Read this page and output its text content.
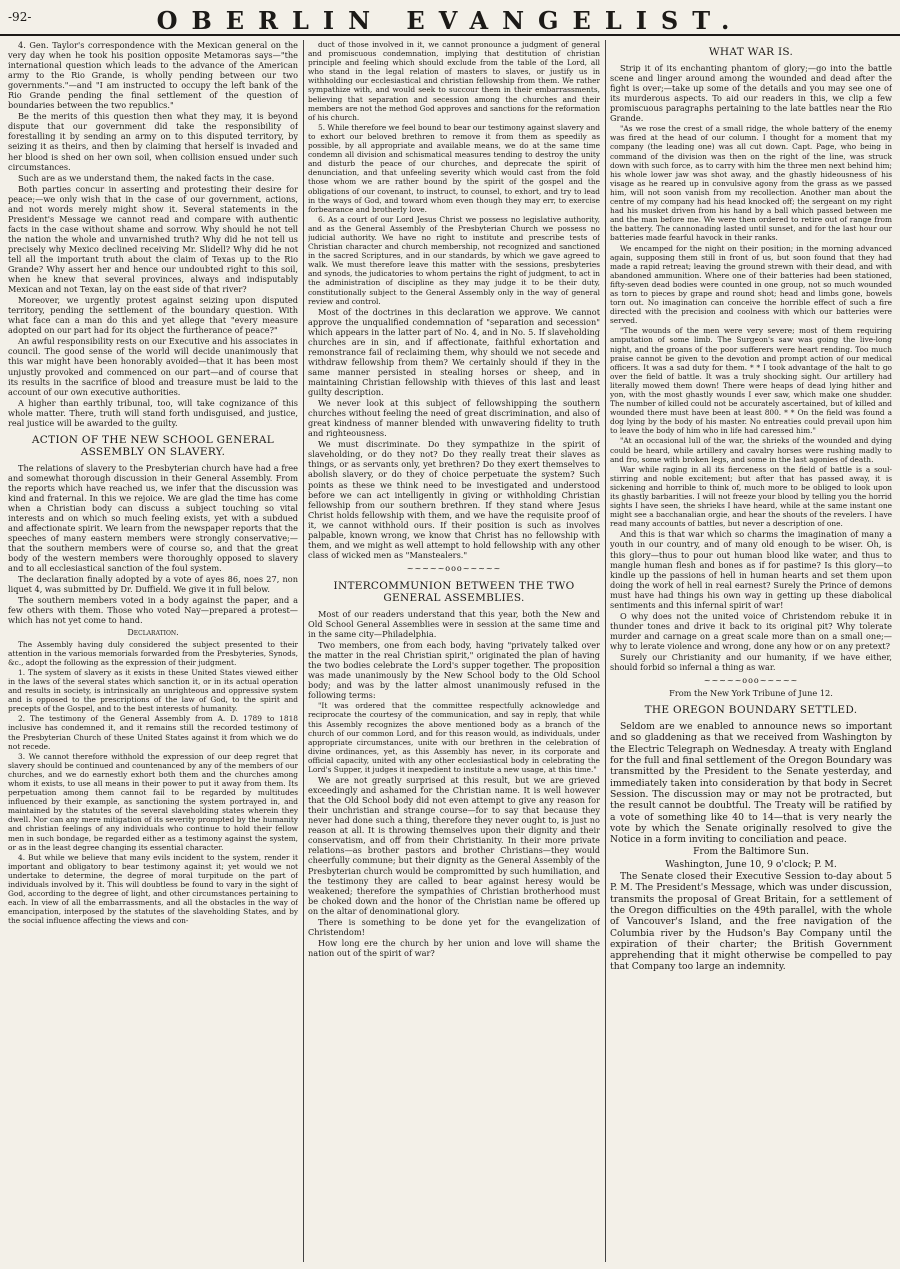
-92-	OBERLIN EVANGELIST.

4. Gen. Taylor's correspondence with the Mexican general on the very day when he took his position opposite Metamoras says—"the international question which leads to the advance of the American army to the Rio Grande, is wholly pending between our two governments."—and "I am instructed to occupy the left bank of the Rio Grande pending the final settlement of the question of boundaries between the two republics."

Be the merits of this question then what they may, it is beyond dispute that our government did take the responsibility of forestalling it by sending an army on to this disputed territory, by seizing it as theirs, and then by claiming that herself is invaded and her blood is shed on her own soil, when collision ensued under such circumstances.

Such are as we understand them, the naked facts in the case.

Both parties concur in asserting and protesting their desire for peace;—we only wish that in the case of our government, actions, and not words merely might show it. Several statements in the President's Message we cannot read and compare with authentic facts in the case without shame and sorrow. Why should he not tell the nation the whole and unvarnished truth? Why did he not tell us precisely why Mexico declined receiving Mr. Slidell? Why did he not tell all the important truth about the claim of Texas up to the Rio Grande? Why assert her and hence our undoubted right to this soil, when he knew that several provinces, always and indisputably Mexican and not Texan, lay on the east side of that river?

Moreover, we urgently protest against seizing upon disputed territory, pending the settlement of the boundary question. With what face can a man do this and yet allege that "every measure adopted on our part had for its object the furtherance of peace?"

An awful responsibility rests on our Executive and his associates in council. The good sense of the world will decide unanimously that this war might have been honorably avoided—that it has been most unjustly provoked and commenced on our part—and of course that its results in the sacrifice of blood and treasure must be laid to the account of our own executive authorities.

A higher than earthly tribunal, too, will take cognizance of this whole matter. There, truth will stand forth undisguised, and justice, real justice will be awarded to the guilty.

ACTION OF THE NEW SCHOOL GENERAL ASSEMBLY ON SLAVERY.

The relations of slavery to the Presbyterian church have had a free and somewhat thorough discussion in their General Assembly. From the reports which have reached us, we infer that the discussion was kind and fraternal. In this we rejoice. We are glad the time has come when a Christian body can discuss a subject touching so vital interests and on which so much feeling exists, yet with a subdued and affectionate spirit. We learn from the newspaper reports that the speeches of many eastern members were strongly conservative;—that the southern members were of course so, and that the great body of the western members were thoroughly opposed to slavery and to all ecclesiastical sanction of the foul system.

The declaration finally adopted by a vote of ayes 86, noes 27, non liquet 4, was submitted by Dr. Duffield. We give it in full below.

The southern members voted in a body against the paper, and a few others with them. Those who voted Nay—prepared a protest—which has not yet come to hand.

Declaration.

The Assembly having duly considered the subject presented to their attention in the various memorials forwarded from the Presbyteries, Synods, &c., adopt the following as the expression of their judgment.

1. The system of slavery as it exists in these United States viewed either in the laws of the several states which sanction it, or in its actual operation and results in society, is intrinsically an unrighteous and oppressive system and is opposed to the prescriptions of the law of God, to the spirit and precepts of the Gospel, and to the best interests of humanity.

2. The testimony of the General Assembly from A. D. 1789 to 1818 inclusive has condemned it, and it remains still the recorded testimony of the Presbyterian Church of these United States against it from which we do not recede.

3. We cannot therefore withhold the expression of our deep regret that slavery should be continued and countenanced by any of the members of our churches, and we do earnestly exhort both them and the churches among whom it exists, to use all means in their power to put it away from them. Its perpetuation among them cannot fail to be regarded by multitudes influenced by their example, as sanctioning the system portrayed in, and maintained by the statutes of the several slaveholding states wherein they dwell. Nor can any mere mitigation of its severity prompted by the humanity and christian feelings of any individuals who continue to hold their fellow men in such bondage, be regarded either as a testimony against the system, or as in the least degree changing its essential character.

4. But while we believe that many evils incident to the system, render it important and obligatory to bear testimony against it; yet would we not undertake to determine, the degree of moral turpitude on the part of individuals involved by it. This will doubtless be found to vary in the sight of God, according to the degree of light, and other circumstances pertaining to each. In view of all the embarrassments, and all the obstacles in the way of emancipation, interposed by the statutes of the slaveholding States, and by the social influence affecting the views and con-

duct of those involved in it, we cannot pronounce a judgment of general and promiscuous condemnation, implying that destitution of christian principle and feeling which should exclude from the table of the Lord, all who stand in the legal relation of masters to slaves, or justify us in withholding our ecclesiastical and christian fellowship from them. We rather sympathize with, and would seek to succour them in their embarrassments, believing that separation and secession among the churches and their members are not the method God approves and sanctions for the reformation of his church.

5. While therefore we feel bound to bear our testimony against slavery and to exhort our beloved brethren to remove it from them as speedily as possible, by all appropriate and available means, we do at the same time condemn all division and schismatical measures tending to destroy the unity and disturb the peace of our churches, and deprecate the spirit of denunciation, and that unfeeling severity which would cast from the fold those whom we are rather bound by the spirit of the gospel and the obligations of our covenant, to instruct, to counsel, to exhort, and try to lead in the ways of God, and toward whom even though they may err, to exercise forbearance and brotherly love.

6. As a court of our Lord Jesus Christ we possess no legislative authority, and as the General Assembly of the Presbyterian Church we possess no judicial authority. We have no right to institute and prescribe tests of Christian character and church membership, not recognized and sanctioned in the sacred Scriptures, and in our standards, by which we gave agreed to walk. We must therefore leave this matter with the sessions, presbyteries and synods, the judicatories to whom pertains the right of judgment, to act in the administration of discipline as they may judge it to be their duty, constitutionally subject to the General Assembly only in the way of general review and control.

Most of the doctrines in this declaration we approve. We cannot approve the unqualified condemnation of "separation and secession" which appears in the latter part of No. 4, and in No. 5. If slaveholding churches are in sin, and if affectionate, faithful exhortation and remonstrance fail of reclaiming them, why should we not secede and withdraw fellowship from them? We certainly should if they in the same manner persisted in stealing horses or sheep, and in maintaining Christian fellowship with thieves of this last and least guilty description.

We never look at this subject of fellowshipping the southern churches without feeling the need of great discrimination, and also of great kindness of manner blended with unwavering fidelity to truth and righteousness.

We must discriminate. Do they sympathize in the spirit of slaveholding, or do they not? Do they really treat their slaves as things, or as servants only, yet brethren? Do they exert themselves to abolish slavery, or do they of choice perpetuate the system? Such points as these we think need to be investigated and understood before we can act intelligently in giving or withholding Christian fellowship from our southern brethren. If they stand where Jesus Christ holds fellowship with them, and we have the requisite proof of it, we cannot withhold ours. If their position is such as involves palpable, known wrong, we know that Christ has no fellowship with them, and we might as well attempt to hold fellowship with any other class of wicked men as "Manstealers."

~~~~~ooo~~~~~
INTERCOMMUNION BETWEEN THE TWO GENERAL ASSEMBLIES.

Most of our readers understand that this year, both the New and Old School General Assemblies were in session at the same time and in the same city—Philadelphia.

Two members, one from each body, having "privately talked over the matter in the real Christian spirit," originated the plan of having the two bodies celebrate the Lord's supper together. The proposition was made unanimously by the New School body to the Old School body; and was by the latter almost unanimously refused in the following terms:

"It was ordered that the committee respectfully acknowledge and reciprocate the courtesy of the communication, and say in reply, that while this Assembly recognizes the above mentioned body as a branch of the church of our common Lord, and for this reason would, as individuals, under appropriate circumstances, unite with our brethren in the celebration of divine ordinances, yet, as this Assembly has never, in its corporate and official capacity, united with any other ecclesiastical body in celebrating the Lord's Supper, it judges it inexpedient to institute a new usage, at this time."

We are not greatly surprised at this result, but we are grieved exceedingly and ashamed for the Christian name. It is well however that the Old School body did not even attempt to give any reason for their unchristian and strange course—for to say that because they never had done such a thing, therefore they never ought to, is just no reason at all. It is throwing themselves upon their dignity and their conservatism, and off from their Christianity. In their more private relations—as brother pastors and brother Christians—they would cheerfully commune; but their dignity as the General Assembly of the Presbyterian church would be compromitted by such humiliation, and the testimony they are called to bear against heresy would be weakened; therefore the sympathies of Christian brotherhood must be choked down and the honor of the Christian name be offered up on the altar of denominational glory.

There is something to be done yet for the evangelization of Christendom!

How long ere the church by her union and love will shame the nation out of the spirit of war?

WHAT WAR IS.

Strip it of its enchanting phantom of glory;—go into the battle scene and linger around among the wounded and dead after the fight is over;—take up some of the details and you may see one of its murderous aspects. To aid our readers in this, we clip a few promiscuous paragraphs pertaining to the late battles near the Rio Grande.

"As we rose the crest of a small ridge, the whole battery of the enemy was fired at the head of our column. I thought for a moment that my company (the leading one) was all cut down. Capt. Page, who being in command of the division was then on the right of the line, was struck down with such force, as to carry with him the three men next behind him; his whole lower jaw was shot away, and the ghastly hideousness of his visage as he reared up in convulsive agony from the grass as we passed him, will not soon vanish from my recollection. Another man about the centre of my company had his head knocked off; the sergeant on my right had his musket driven from his hand by a ball which passed between me and the man before me. We were then ordered to retire out of range from the battery. The cannonading lasted until sunset, and for the last hour our batteries made fearful havock in their ranks.

We encamped for the night on their position; in the morning advanced again, supposing them still in front of us, but soon found that they had made a rapid retreat; leaving the ground strewn with their dead, and with abandoned ammunition. Where one of their batteries had been stationed, fifty-seven dead bodies were counted in one group, not so much wounded as torn to pieces by grape and round shot; head and limbs gone, bowels torn out. No imagination can conceive the horrible effect of such a fire directed with the precision and coolness with which our batteries were served.

"The wounds of the men were very severe; most of them requiring amputation of some limb. The Surgeon's saw was going the live-long night, and the groans of the poor sufferers were heart rending. Too much praise cannot be given to the devotion and prompt action of our medical officers. It was a sad duty for them. * * I took advantage of the halt to go over the field of battle. It was a truly shocking sight. Our artillery had literally mowed them down! There were heaps of dead lying hither and yon, with the most ghastly wounds I ever saw, which make one shudder. The number of killed could not be accurately ascertained, but of killed and wounded there must have been at least 800. * * On the field was found a dog lying by the body of his master. No entreaties could prevail upon him to leave the body of him who in life had caressed him."

"At an occasional lull of the war, the shrieks of the wounded and dying could be heard, while artillery and cavalry horses were rushing madly to and fro, some with broken legs, and some in the last agonies of death.

War while raging in all its fierceness on the field of battle is a soul-stirring and noble excitement; but after that has passed away, it is sickening and horrible to think of, much more to be obliged to look upon its ghastly barbarities. I will not freeze your blood by telling you the horrid sights I have seen, the shrieks I have heard, while at the same instant one might see a bacchanalian orgie, and hear the shouts of the revelers. I have read many accounts of battles, but never a description of one.

And this is that war which so charms the imagination of many a youth in our country, and of many old enough to be wiser. Oh, is this glory—thus to pour out human blood like water, and thus to mangle human flesh and bones as if for pastime? Is this glory—to kindle up the passions of hell in human hearts and set them upon doing the work of hell in real earnest? Surely the Prince of demons must have had things his own way in getting up these diabolical sentiments and this infernal spirit of war!

O why does not the united voice of Christendom rebuke it in thunder tones and drive it back to its original pit? Why tolerate murder and carnage on a great scale more than on a small one;—why to lerate violence and wrong, done any how or on any pretext?

Surely our Christianity and our humanity, if we have either, should forbid so infernal a thing as war.

~~~~~ooo~~~~~

From the New York Tribune of June 12.

THE OREGON BOUNDARY SETTLED.

Seldom are we enabled to announce news so important and so gladdening as that we received from Washington by the Electric Telegraph on Wednesday. A treaty with England for the full and final settlement of the Oregon Boundary was transmitted by the President to the Senate yesterday, and immediately taken into consideration by that body in Secret Session. The discussion may or may not be protracted, but the result cannot be doubtful. The Treaty will be ratified by a vote of something like 40 to 14—that is very nearly the vote by which the Senate originally resolved to give the Notice in a form inviting to conciliation and peace.

From the Baltimore Sun.

Washington, June 10, 9 o'clock; P. M.

The Senate closed their Executive Session to-day about 5 P. M. The President's Message, which was under discussion, transmits the proposal of Great Britain, for a settlement of the Oregon difficulties on the 49th parallel, with the whole of Vancouver's Island, and the free navigation of the Columbia river by the Hudson's Bay Company until the expiration of their charter; the British Government apprehending that it might otherwise be compelled to pay that Company too large an indemnity.
